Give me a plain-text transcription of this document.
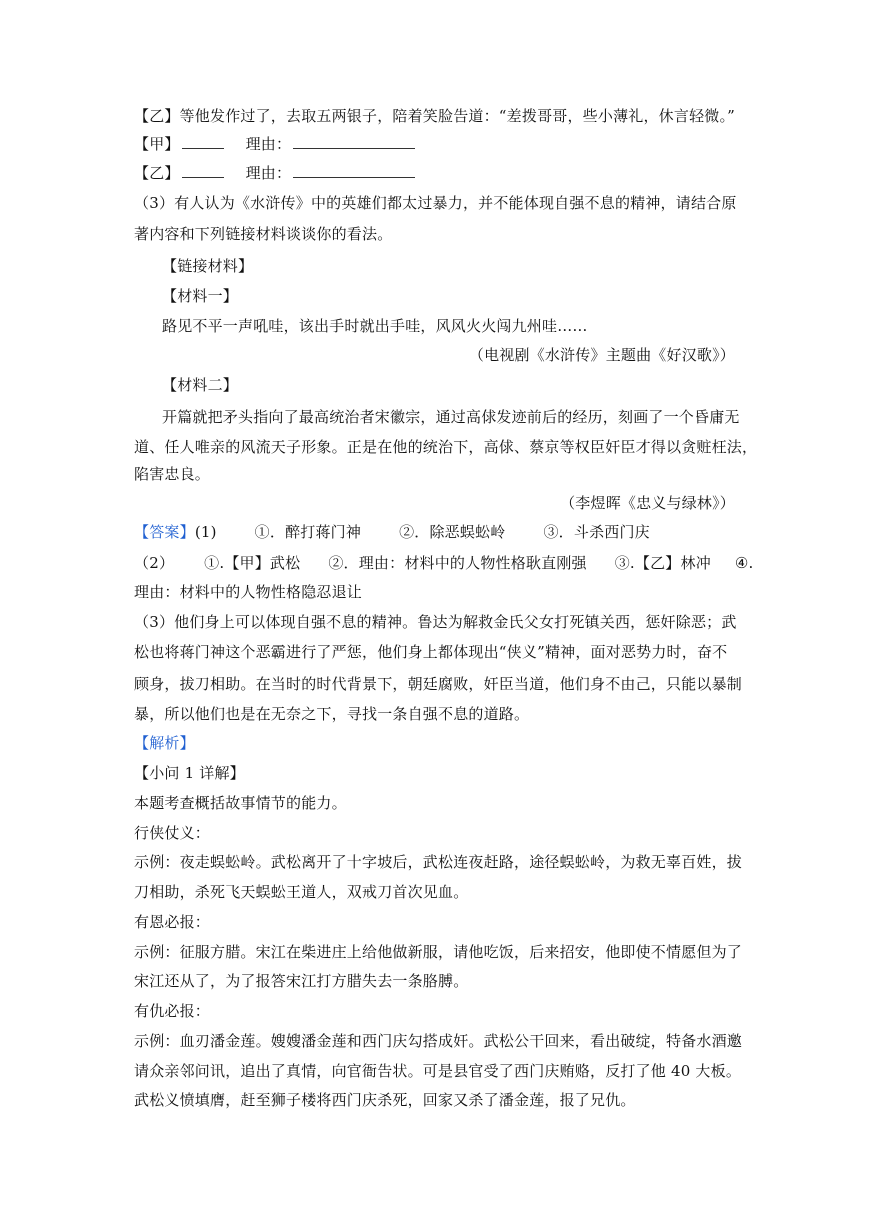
【乙】等他发作过了，去取五两银子，陪着笑脸告道：“差拨哥哥，些小薄礼，休言轻微。”
【甲】	理由：
【乙】	理由：
（3）有人认为《水浒传》中的英雄们都太过暴力，并不能体现自强不息的精神，请结合原
著内容和下列链接材料谈谈你的看法。
【链接材料】
【材料一】
路见不平一声吼哇，该出手时就出手哇，风风火火闯九州哇……
（电视剧《水浒传》主题曲《好汉歌》）
【材料二】
开篇就把矛头指向了最高统治者宋徽宗，通过高俅发迹前后的经历，刻画了一个昏庸无
道、任人唯亲的风流天子形象。正是在他的统治下，高俅、蔡京等权臣奸臣才得以贪赃枉法，
陷害忠良。
（李煜晖《忠义与绿林》）
【答案】(1)	①．醉打蒋门神	②．除恶蜈蚣岭	③．斗杀西门庆
（2） ①.【甲】武松 ②．理由：材料中的人物性格耿直刚强 ③.【乙】林冲 ④.
理由：材料中的人物性格隐忍退让
（3）他们身上可以体现自强不息的精神。鲁达为解救金氏父女打死镇关西，惩奸除恶；武
松也将蒋门神这个恶霸进行了严惩，他们身上都体现出“侠义”精神，面对恶势力时，奋不
顾身，拔刀相助。在当时的时代背景下，朝廷腐败，奸臣当道，他们身不由己，只能以暴制
暴，所以他们也是在无奈之下，寻找一条自强不息的道路。
【解析】
【小问 1 详解】
本题考查概括故事情节的能力。
行侠仗义：
示例：夜走蜈蚣岭。武松离开了十字坡后，武松连夜赶路，途径蜈蚣岭，为救无辜百姓，拔
刀相助，杀死飞天蜈蚣王道人，双戒刀首次见血。
有恩必报：
示例：征服方腊。宋江在柴进庄上给他做新服，请他吃饭，后来招安，他即使不情愿但为了
宋江还从了，为了报答宋江打方腊失去一条胳膊。
有仇必报：
示例：血刃潘金莲。嫂嫂潘金莲和西门庆勾搭成奸。武松公干回来，看出破绽，特备水酒邀
请众亲邻问讯，追出了真情，向官衙告状。可是县官受了西门庆贿赂，反打了他 40 大板。
武松义愤填膺，赶至狮子楼将西门庆杀死，回家又杀了潘金莲，报了兄仇。
